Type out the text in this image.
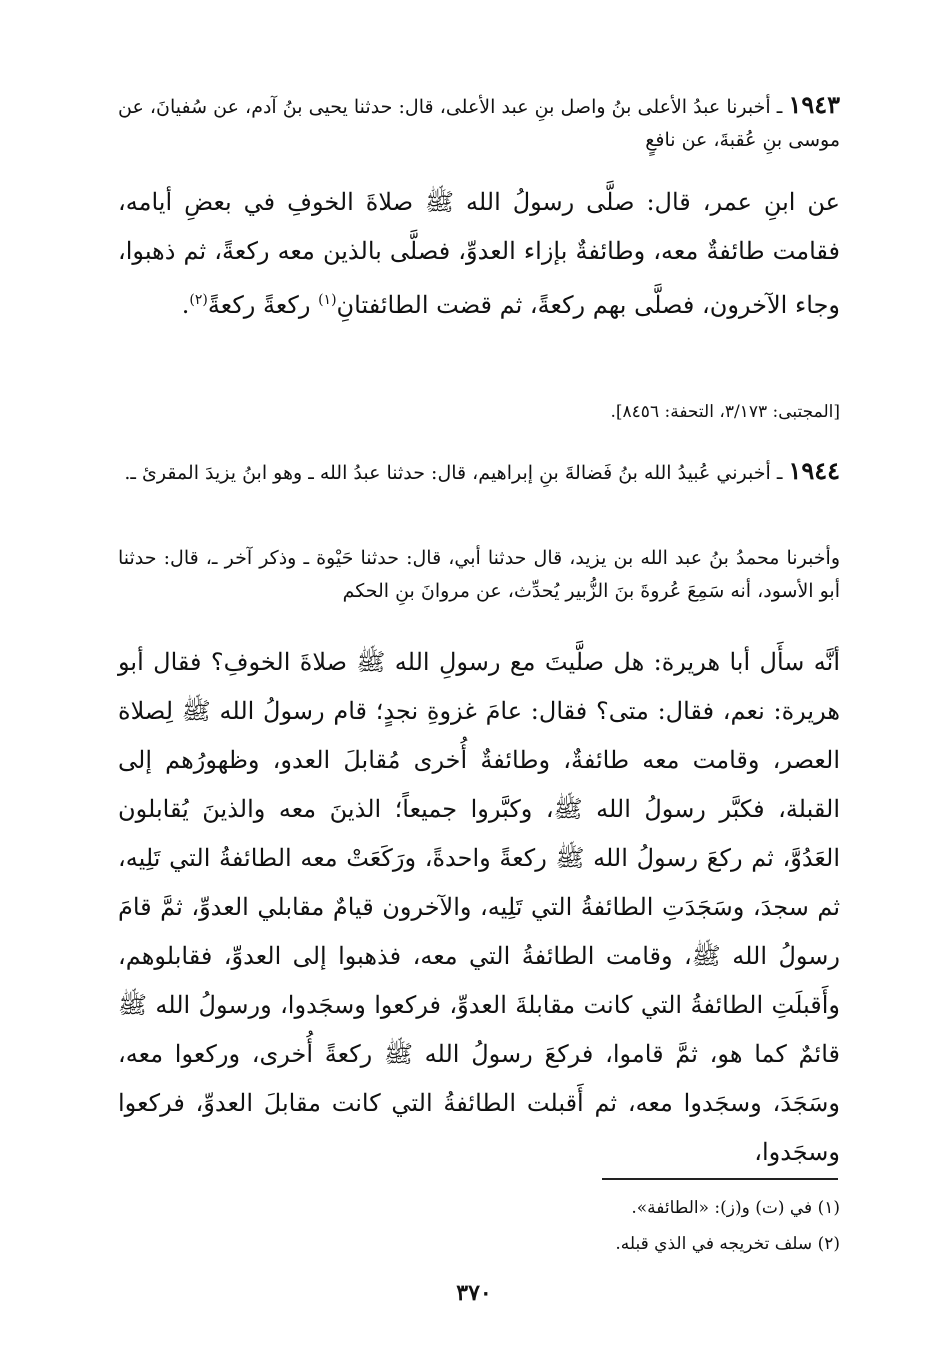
١٩٤٣ ـ أخبرنا عبدُ الأعلى بنُ واصل بنِ عبد الأعلى، قال: حدثنا يحيى بنُ آدم، عن سُفيانَ، عن موسى بنِ عُقبةَ، عن نافعٍ
عن ابنِ عمر، قال: صلَّى رسولُ الله ﷺ صلاةَ الخوفِ في بعضِ أيامه، فقامت طائفةٌ معه، وطائفةٌ بإزاء العدوِّ، فصلَّى بالذين معه ركعةً، ثم ذهبوا، وجاء الآخرون، فصلَّى بهم ركعةً، ثم قضت الطائفتانِ$^{(١)}$ ركعةً ركعةً$^{(٢)}$.
[المجتبى: ٣/١٧٣، التحفة: ٨٤٥٦].
١٩٤٤ ـ أخبرني عُبيدُ الله بنُ فَضالةَ بنِ إبراهيم، قال: حدثنا عبدُ الله ـ وهو ابنُ يزيدَ المقرئ ـ.
وأخبرنا محمدُ بنُ عبد الله بن يزيد، قال حدثنا أبي، قال: حدثنا حَيْوة ـ وذكر آخر ـ، قال: حدثنا أبو الأسود، أنه سَمِعَ عُروةَ بنَ الزُّبير يُحدِّث، عن مروانَ بنِ الحكم
أنَّه سأَل أبا هريرة: هل صلَّيتَ مع رسولِ الله ﷺ صلاةَ الخوفِ؟ فقال أبو هريرة: نعم، فقال: متى؟ فقال: عامَ غزوةِ نجدٍ؛ قام رسولُ الله ﷺ لِصلاة العصر، وقامت معه طائفةٌ، وطائفةٌ أُخرى مُقابلَ العدو، وظهورُهم إلى القبلة، فكبَّر رسولُ الله ﷺ، وكبَّروا جميعاً؛ الذينَ معه والذينَ يُقابلون العَدُوَّ، ثم ركعَ رسولُ الله ﷺ ركعةً واحدةً، ورَكَعَتْ معه الطائفةُ التي تَلِيه، ثم سجدَ، وسَجَدَتِ الطائفةُ التي تَلِيه، والآخرون قيامٌ مقابلي العدوِّ، ثمَّ قامَ رسولُ الله ﷺ، وقامت الطائفةُ التي معه، فذهبوا إلى العدوِّ، فقابلوهم، وأَقبلَتِ الطائفةُ التي كانت مقابلةَ العدوِّ، فركعوا وسجَدوا، ورسولُ الله ﷺ قائمٌ كما هو، ثمَّ قاموا، فركعَ رسولُ الله ﷺ ركعةً أُخرى، وركعوا معه، وسَجَدَ، وسجَدوا معه، ثم أَقبلت الطائفةُ التي كانت مقابلَ العدوِّ، فركعوا وسجَدوا،
(١) في (ت) و(ز): «الطائفة».
(٢) سلف تخريجه في الذي قبله.
٣٧٠
